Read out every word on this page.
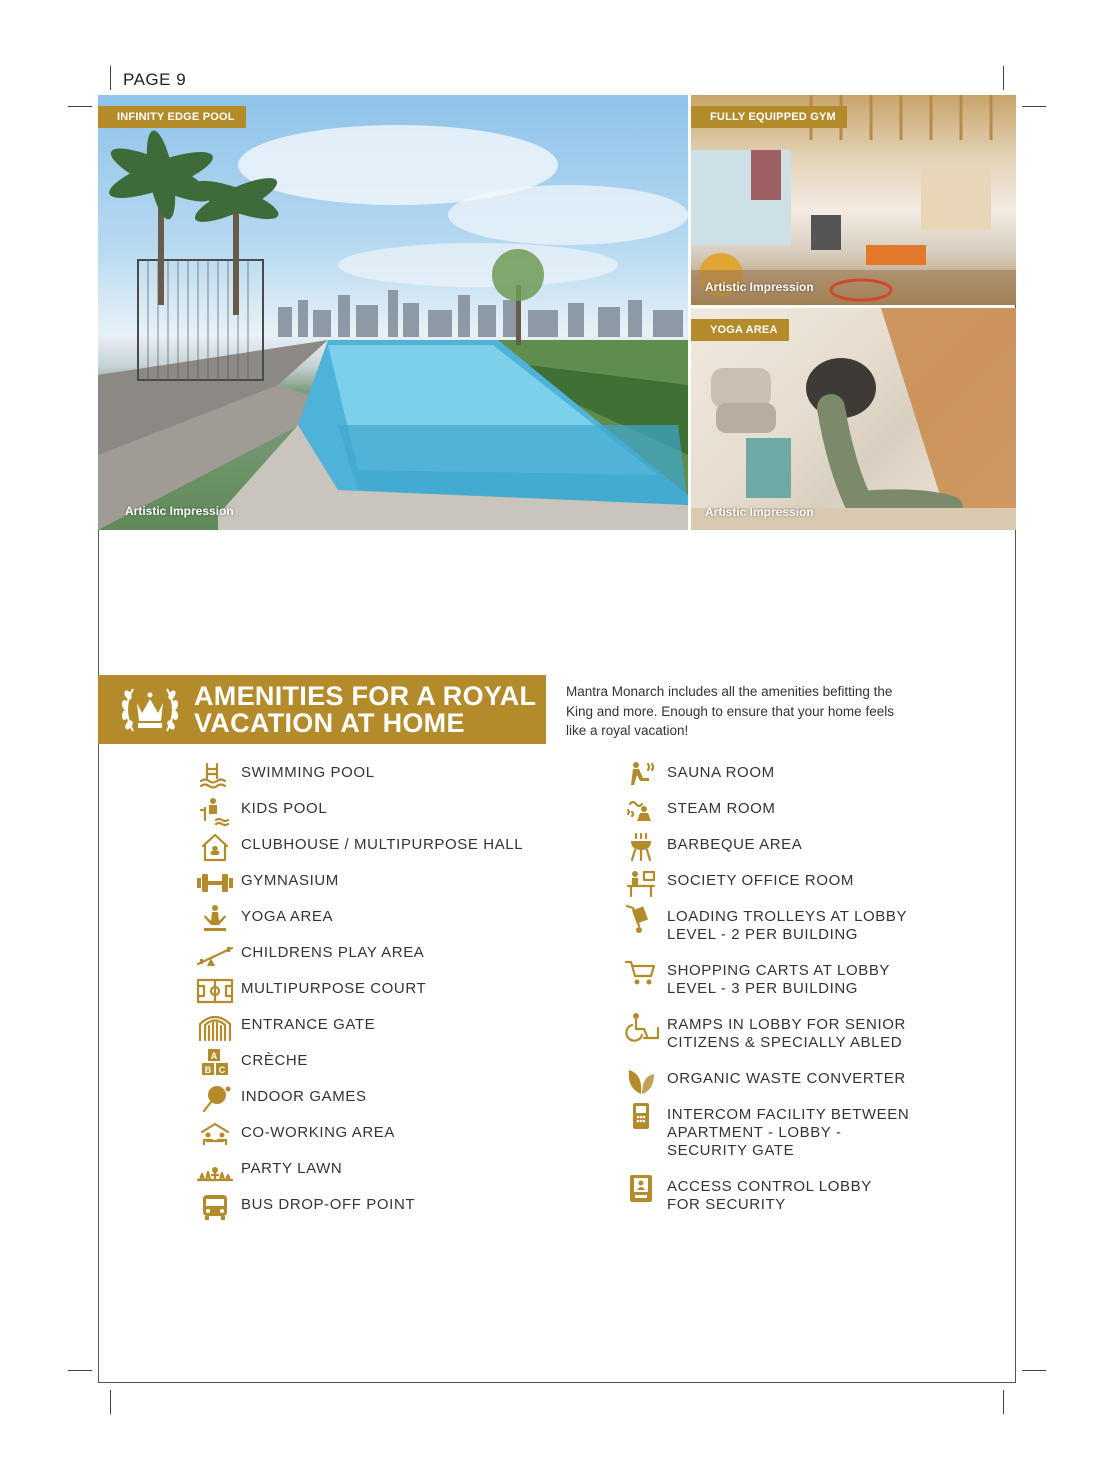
PAGE 9
INFINITY EDGE POOL
Artistic Impression
FULLY EQUIPPED GYM
Artistic Impression
YOGA AREA
Artistic Impression
AMENITIES FOR A ROYAL
VACATION AT HOME
Mantra Monarch includes all the amenities befitting the King and more. Enough to ensure that your home feels like a royal vacation!
SWIMMING POOL
KIDS POOL
CLUBHOUSE / MULTIPURPOSE HALL
GYMNASIUM
YOGA AREA
CHILDRENS PLAY AREA
MULTIPURPOSE COURT
ENTRANCE GATE
A
B C
CRÈCHE
INDOOR GAMES
CO-WORKING AREA
PARTY LAWN
BUS DROP-OFF POINT
SAUNA ROOM
STEAM ROOM
BARBEQUE AREA
SOCIETY OFFICE ROOM
LOADING TROLLEYS AT LOBBY
LEVEL - 2 PER BUILDING
SHOPPING CARTS AT LOBBY
LEVEL - 3 PER BUILDING
RAMPS IN LOBBY FOR SENIOR
CITIZENS & SPECIALLY ABLED
ORGANIC WASTE CONVERTER
INTERCOM FACILITY BETWEEN
APARTMENT - LOBBY -
SECURITY GATE
ACCESS CONTROL LOBBY
FOR SECURITY
